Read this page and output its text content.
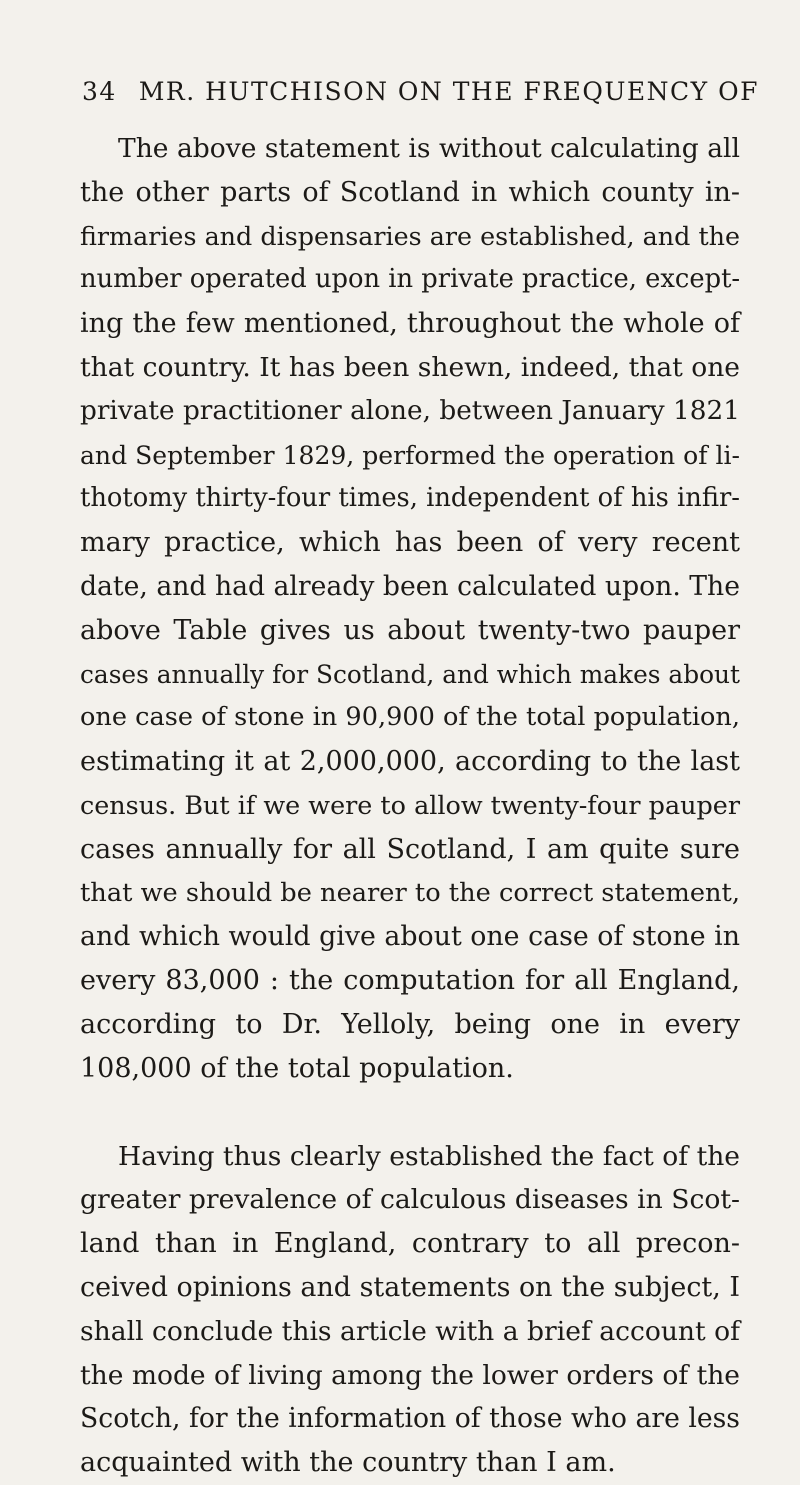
34 MR. HUTCHISON ON THE FREQUENCY OF
The above statement is without calculating all
the other parts of Scotland in which county in-
firmaries and dispensaries are established, and the
number operated upon in private practice, except-
ing the few mentioned, throughout the whole of
that country. It has been shewn, indeed, that one
private practitioner alone, between January 1821
and September 1829, performed the operation of li-
thotomy thirty-four times, independent of his infir-
mary practice, which has been of very recent
date, and had already been calculated upon. The
above Table gives us about twenty-two pauper
cases annually for Scotland, and which makes about
one case of stone in 90,900 of the total population,
estimating it at 2,000,000, according to the last
census. But if we were to allow twenty-four pauper
cases annually for all Scotland, I am quite sure
that we should be nearer to the correct statement,
and which would give about one case of stone in
every 83,000 : the computation for all England,
according to Dr. Yelloly, being one in every
108,000 of the total population.
Having thus clearly established the fact of the
greater prevalence of calculous diseases in Scot-
land than in England, contrary to all precon-
ceived opinions and statements on the subject, I
shall conclude this article with a brief account of
the mode of living among the lower orders of the
Scotch, for the information of those who are less
acquainted with the country than I am.
